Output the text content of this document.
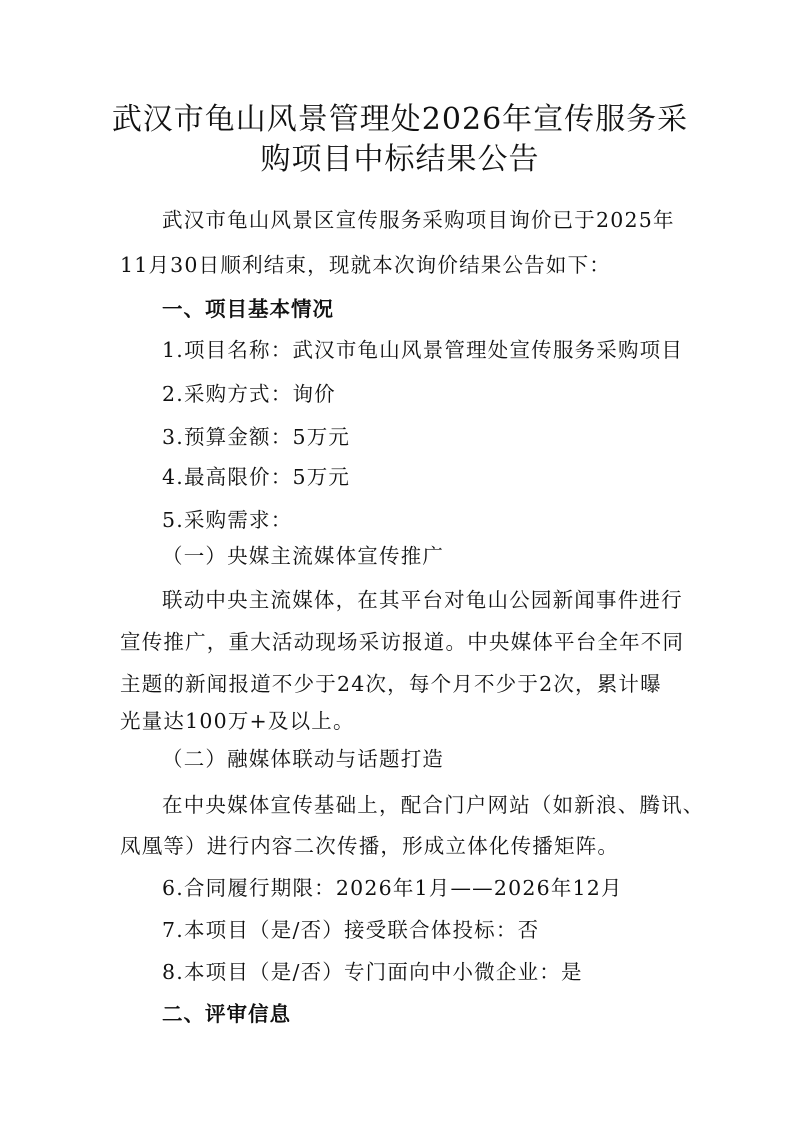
武汉市龟山风景管理处2026年宣传服务采
购项目中标结果公告
武汉市龟山风景区宣传服务采购项目询价已于2025年
11月30日顺利结束，现就本次询价结果公告如下：
一、项目基本情况
1.项目名称：武汉市龟山风景管理处宣传服务采购项目
2.采购方式：询价
3.预算金额：5万元
4.最高限价：5万元
5.采购需求：
（一）央媒主流媒体宣传推广
联动中央主流媒体，在其平台对龟山公园新闻事件进行
宣传推广，重大活动现场采访报道。中央媒体平台全年不同
主题的新闻报道不少于24次，每个月不少于2次，累计曝
光量达100万+及以上。
（二）融媒体联动与话题打造
在中央媒体宣传基础上，配合门户网站（如新浪、腾讯、
凤凰等）进行内容二次传播，形成立体化传播矩阵。
6.合同履行期限：2026年1月——2026年12月
7.本项目（是/否）接受联合体投标：否
8.本项目（是/否）专门面向中小微企业：是
二、评审信息
